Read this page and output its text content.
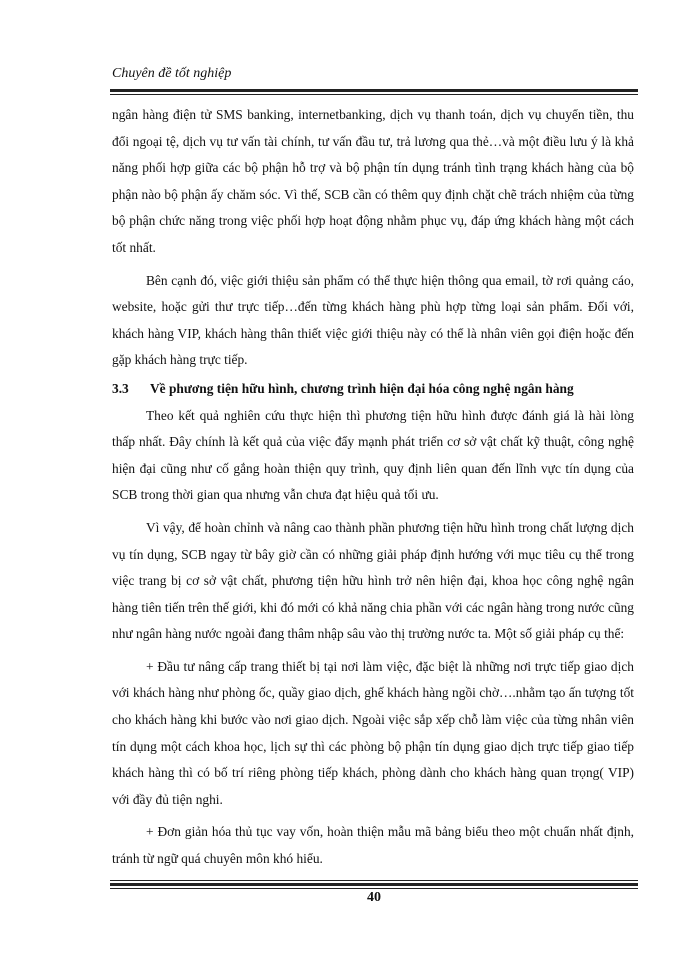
Chuyên đề tốt nghiệp

ngân hàng điện tử SMS banking, internetbanking, dịch vụ thanh toán, dịch vụ chuyển tiền, thu đổi ngoại tệ, dịch vụ tư vấn tài chính, tư vấn đầu tư, trả lương qua thẻ…và một điều lưu ý là khả năng phối hợp giữa các bộ phận hỗ trợ và bộ phận tín dụng tránh tình trạng khách hàng của bộ phận nào bộ phận ấy chăm sóc. Vì thế, SCB cần có thêm quy định chặt chẽ trách nhiệm của từng bộ phận chức năng trong việc phối hợp hoạt động nhằm phục vụ, đáp ứng khách hàng một cách tốt nhất.

Bên cạnh đó, việc giới thiệu sản phẩm có thể thực hiện thông qua email, tờ rơi quảng cáo, website, hoặc gửi thư trực tiếp…đến từng khách hàng phù hợp từng loại sản phẩm. Đối với, khách hàng VIP, khách hàng thân thiết việc giới thiệu này có thể là nhân viên gọi điện hoặc đến gặp khách hàng trực tiếp.

3.3	Về phương tiện hữu hình, chương trình hiện đại hóa công nghệ ngân hàng

Theo kết quả nghiên cứu thực hiện thì phương tiện hữu hình được đánh giá là hài lòng thấp nhất. Đây chính là kết quả của việc đẩy mạnh phát triển cơ sở vật chất kỹ thuật, công nghệ hiện đại cũng như cố gắng hoàn thiện quy trình, quy định liên quan đến lĩnh vực tín dụng của SCB trong thời gian qua nhưng vẫn chưa đạt hiệu quả tối ưu.

Vì vậy, để hoàn chỉnh và nâng cao thành phần phương tiện hữu hình trong chất lượng dịch vụ tín dụng, SCB ngay từ bây giờ cần có những giải pháp định hướng với mục tiêu cụ thể trong việc trang bị cơ sở vật chất, phương tiện hữu hình trở nên hiện đại, khoa học công nghệ ngân hàng tiên tiến trên thế giới, khi đó mới có khả năng chia phần với các ngân hàng trong nước cũng như ngân hàng nước ngoài đang thâm nhập sâu vào thị trường nước ta. Một số giải pháp cụ thể:

+ Đầu tư nâng cấp trang thiết bị tại nơi làm việc, đặc biệt là những nơi trực tiếp giao dịch với khách hàng như phòng ốc, quầy giao dịch, ghế khách hàng ngồi chờ….nhằm tạo ấn tượng tốt cho khách hàng khi bước vào nơi giao dịch. Ngoài việc sắp xếp chỗ làm việc của từng nhân viên tín dụng một cách khoa học, lịch sự thì các phòng bộ phận tín dụng giao dịch trực tiếp giao tiếp khách hàng thì có bố trí riêng phòng tiếp khách, phòng dành cho khách hàng quan trọng( VIP) với đầy đủ tiện nghi.

+ Đơn giản hóa thủ tục vay vốn, hoàn thiện mẫu mã bảng biểu theo một chuẩn nhất định, tránh từ ngữ quá chuyên môn khó hiểu.

40
